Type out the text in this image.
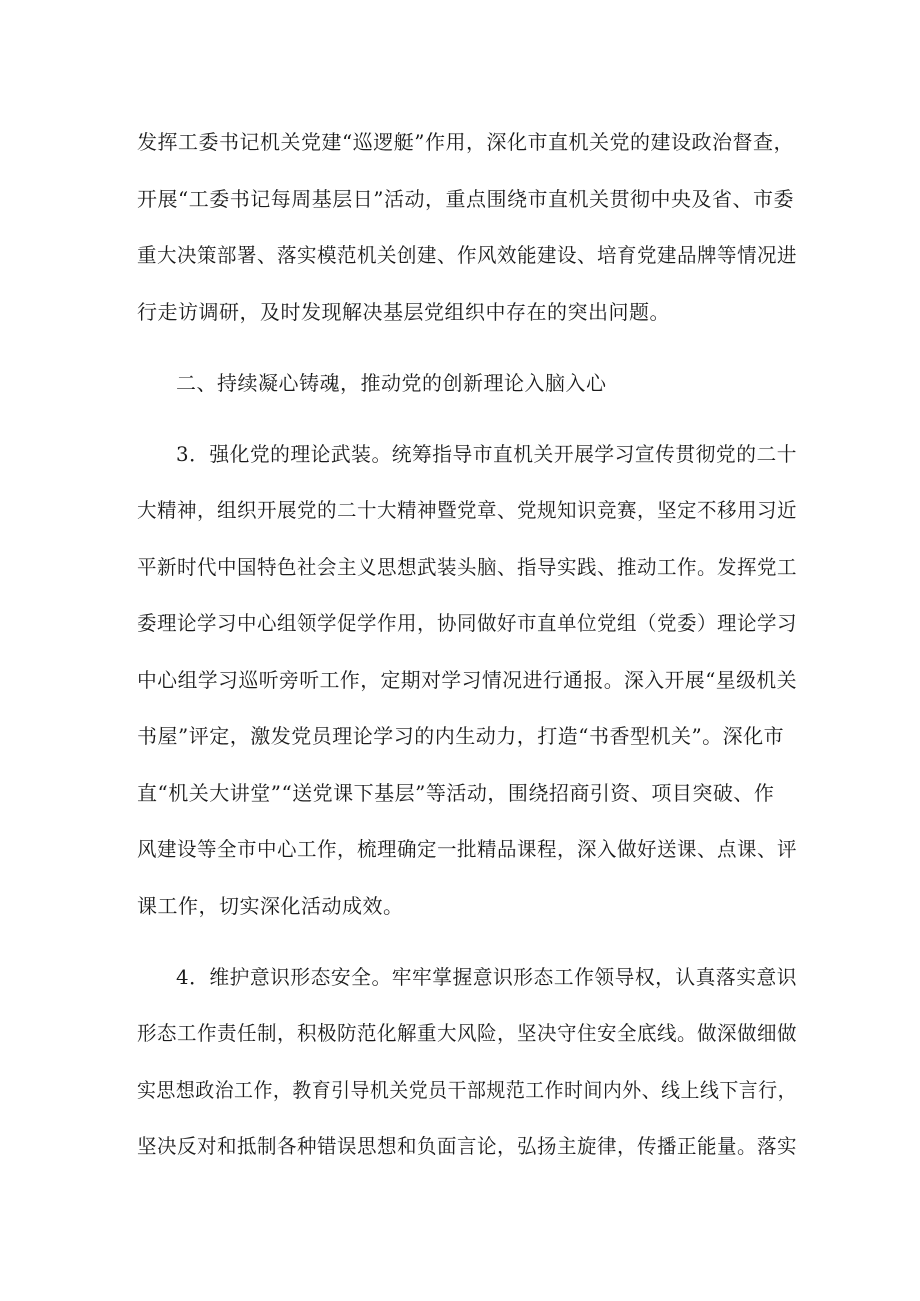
发挥工委书记机关党建“巡逻艇”作用，深化市直机关党的建设政治督查，
开展“工委书记每周基层日”活动，重点围绕市直机关贯彻中央及省、市委
重大决策部署、落实模范机关创建、作风效能建设、培育党建品牌等情况进
行走访调研，及时发现解决基层党组织中存在的突出问题。
二、持续凝心铸魂，推动党的创新理论入脑入心
3．强化党的理论武装。统筹指导市直机关开展学习宣传贯彻党的二十
大精神，组织开展党的二十大精神暨党章、党规知识竞赛，坚定不移用习近
平新时代中国特色社会主义思想武装头脑、指导实践、推动工作。发挥党工
委理论学习中心组领学促学作用，协同做好市直单位党组（党委）理论学习
中心组学习巡听旁听工作，定期对学习情况进行通报。深入开展“星级机关
书屋”评定，激发党员理论学习的内生动力，打造“书香型机关”。深化市
直“机关大讲堂”“送党课下基层”等活动，围绕招商引资、项目突破、作
风建设等全市中心工作，梳理确定一批精品课程，深入做好送课、点课、评
课工作，切实深化活动成效。
4．维护意识形态安全。牢牢掌握意识形态工作领导权，认真落实意识
形态工作责任制，积极防范化解重大风险，坚决守住安全底线。做深做细做
实思想政治工作，教育引导机关党员干部规范工作时间内外、线上线下言行，
坚决反对和抵制各种错误思想和负面言论，弘扬主旋律，传播正能量。落实
